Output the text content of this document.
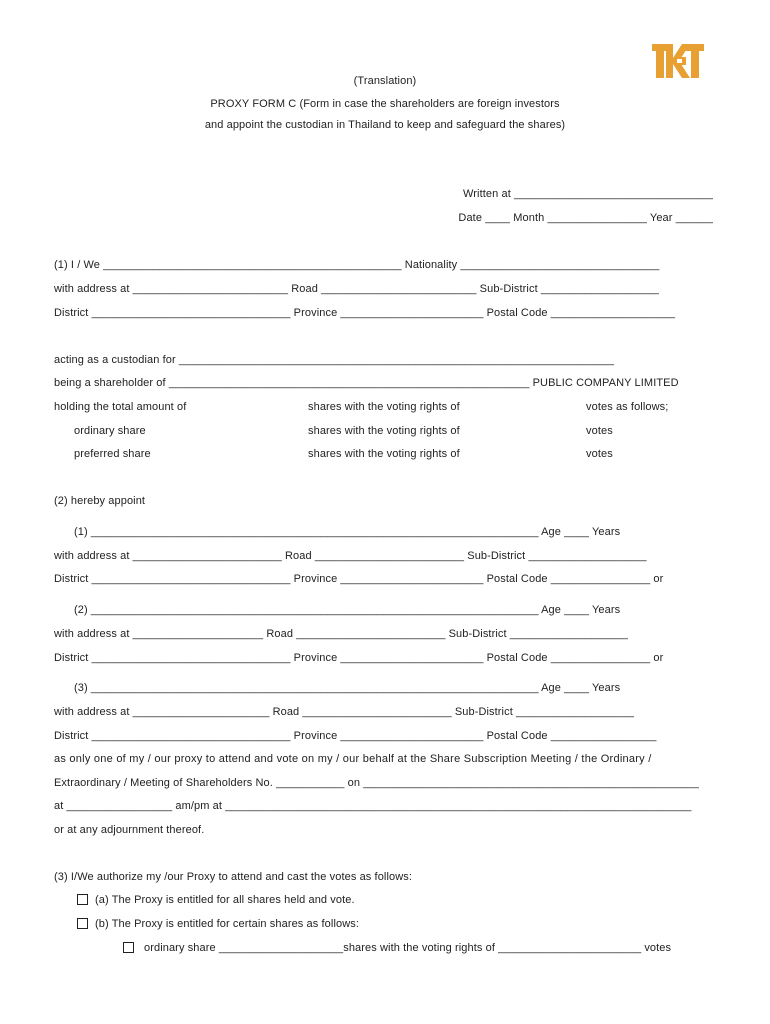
(Translation)
PROXY FORM C (Form in case the shareholders are foreign investors
and appoint the custodian in Thailand to keep and safeguard the shares)
Written at ________________________________
Date ____ Month ________________ Year ______
(1) I / We ________________________________________________ Nationality ________________________________
with address at _________________________ Road _________________________ Sub-District ___________________
District ________________________________ Province _______________________ Postal Code ____________________
acting as a custodian for ______________________________________________________________________
being a shareholder of __________________________________________________________ PUBLIC COMPANY LIMITED
holding the total amount of	shares with the voting rights of	votes as follows;
ordinary share	shares with the voting rights of	votes
preferred share	shares with the voting rights of	votes
(2) hereby appoint
(1) ________________________________________________________________________ Age ____ Years
with address at ________________________ Road ________________________ Sub-District ___________________
District ________________________________ Province _______________________ Postal Code ________________ or
(2) ________________________________________________________________________ Age ____ Years
with address at _____________________ Road ________________________ Sub-District ___________________
District ________________________________ Province _______________________ Postal Code ________________ or
(3) ________________________________________________________________________ Age ____ Years
with address at ______________________ Road ________________________ Sub-District ___________________
District ________________________________ Province _______________________ Postal Code _________________
as only one of my / our proxy to attend and vote on my / our behalf at the Share Subscription Meeting / the Ordinary /
Extraordinary / Meeting of Shareholders No. ___________ on ______________________________________________________
at _________________ am/pm at ___________________________________________________________________________
or at any adjournment thereof.
(3) I/We authorize my /our Proxy to attend and cast the votes as follows:
(a) The Proxy is entitled for all shares held and vote.
(b) The Proxy is entitled for certain shares as follows:
ordinary share ____________________shares with the voting rights of _______________________ votes
